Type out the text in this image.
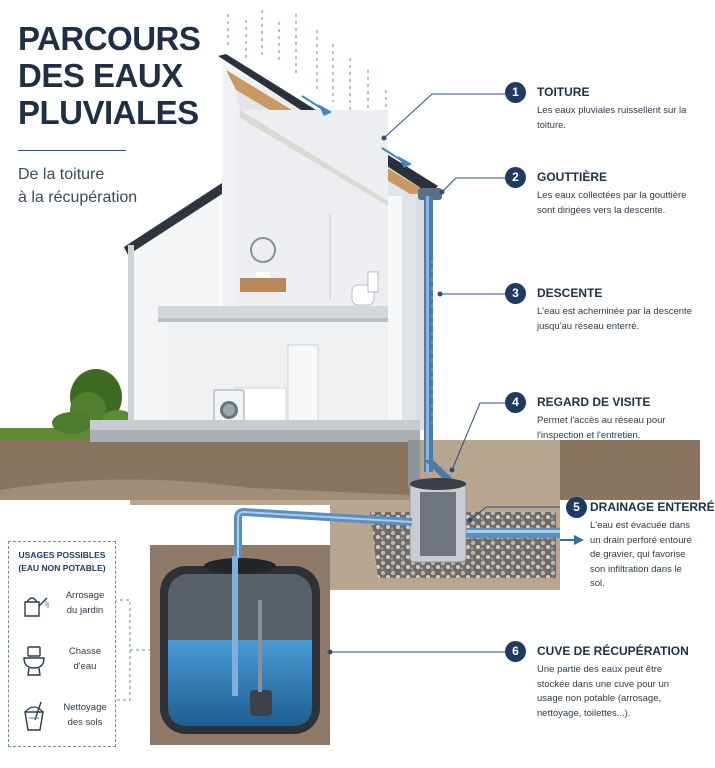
PARCOURS
DES EAUX
PLUVIALES
De la toiture
à la récupération
1	TOITURE
Les eaux pluviales ruissellent sur la toiture.
2	GOUTTIÈRE
Les eaux collectées par la gouttière sont dirigées vers la descente.
3	DESCENTE
L'eau est acheminée par la descente jusqu'au réseau enterré.
4	REGARD DE VISITE
Permet l'accès au réseau pour l'inspection et l'entretien.
5 DRAINAGE ENTERRÉ
L'eau est évacuée dans un drain perforé entouré de gravier, qui favorise son infiltration dans le sol.
6	CUVE DE RÉCUPÉRATION
Une partie des eaux peut être stockée dans une cuve pour un usage non potable (arrosage, nettoyage, toilettes...).
USAGES POSSIBLES
(EAU NON POTABLE)
Arrosage
du jardin
Chasse
d'eau
Nettoyage
des sols
